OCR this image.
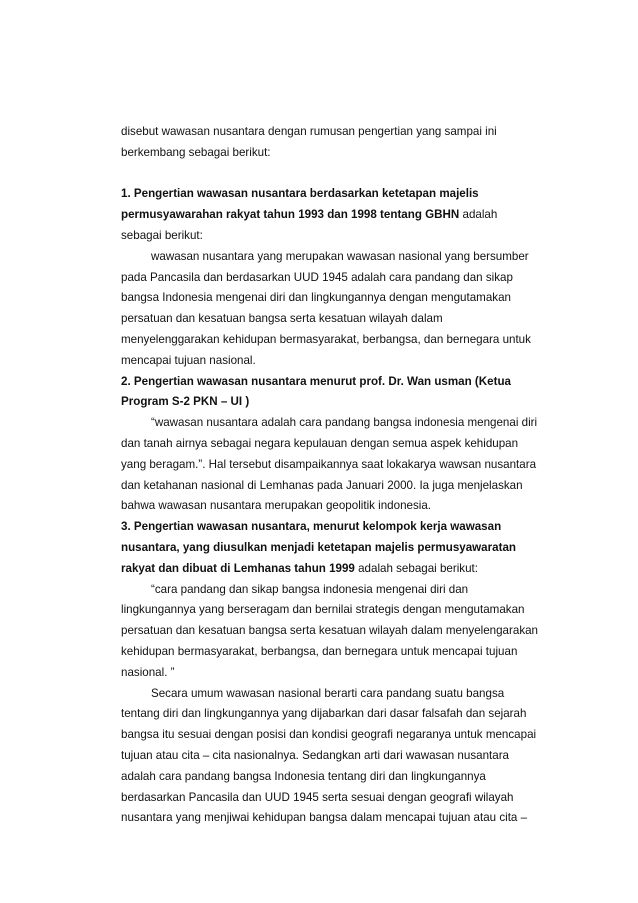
disebut wawasan nusantara dengan rumusan pengertian yang sampai ini
berkembang sebagai berikut:
1. Pengertian wawasan nusantara berdasarkan ketetapan majelis
permusyawarahan rakyat tahun 1993 dan 1998 tentang GBHN adalah
sebagai berikut:
wawasan nusantara yang merupakan wawasan nasional yang bersumber
pada Pancasila dan berdasarkan UUD 1945 adalah cara pandang dan sikap
bangsa Indonesia mengenai diri dan lingkungannya dengan mengutamakan
persatuan dan kesatuan bangsa serta kesatuan wilayah dalam
menyelenggarakan kehidupan bermasyarakat, berbangsa, dan bernegara untuk
mencapai tujuan nasional.
2. Pengertian wawasan nusantara menurut prof. Dr. Wan usman (Ketua
Program S-2 PKN – UI )
“wawasan nusantara adalah cara pandang bangsa indonesia mengenai diri
dan tanah airnya sebagai negara kepulauan dengan semua aspek kehidupan
yang beragam.”. Hal tersebut disampaikannya saat lokakarya wawsan nusantara
dan ketahanan nasional di Lemhanas pada Januari 2000. Ia juga menjelaskan
bahwa wawasan nusantara merupakan geopolitik indonesia.
3. Pengertian wawasan nusantara, menurut kelompok kerja wawasan
nusantara, yang diusulkan menjadi ketetapan majelis permusyawaratan
rakyat dan dibuat di Lemhanas tahun 1999 adalah sebagai berikut:
“cara pandang dan sikap bangsa indonesia mengenai diri dan
lingkungannya yang berseragam dan bernilai strategis dengan mengutamakan
persatuan dan kesatuan bangsa serta kesatuan wilayah dalam menyelengarakan
kehidupan bermasyarakat, berbangsa, dan bernegara untuk mencapai tujuan
nasional. ”
Secara umum wawasan nasional berarti cara pandang suatu bangsa
tentang diri dan lingkungannya yang dijabarkan dari dasar falsafah dan sejarah
bangsa itu sesuai dengan posisi dan kondisi geografi negaranya untuk mencapai
tujuan atau cita – cita nasionalnya. Sedangkan arti dari wawasan nusantara
adalah cara pandang bangsa Indonesia tentang diri dan lingkungannya
berdasarkan Pancasila dan UUD 1945 serta sesuai dengan geografi wilayah
nusantara yang menjiwai kehidupan bangsa dalam mencapai tujuan atau cita –
